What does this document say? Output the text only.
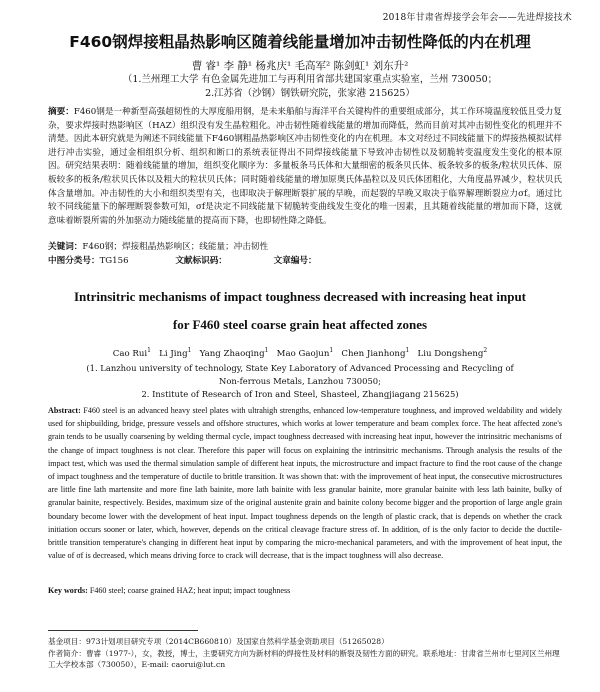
2018年甘肃省焊接学会年会——先进焊接技术
F460钢焊接粗晶热影响区随着线能量增加冲击韧性降低的内在机理
曹 睿¹ 李 静¹ 杨兆庆¹ 毛高军² 陈剑虹¹ 刘东升²
（1.兰州理工大学 有色金属先进加工与再利用省部共建国家重点实验室，兰州 730050；
2.江苏省（沙钢）钢铁研究院，张家港 215625）
摘要：F460钢是一种新型高强超韧性的大厚度船用钢，是未来船舶与海洋平台关键构件的重要组成部分，其工作环境温度较低且受力复杂，要求焊接时热影响区（HAZ）组织没有发生晶粒粗化。冲击韧性随着线能量的增加而降低，然而目前对其冲击韧性变化的机理并不清楚。因此本研究就是为阐述不同线能量下F460钢粗晶热影响区冲击韧性变化的内在机理。本文对经过不同线能量下的焊接热模拟试样进行冲击实验，通过金相组织分析、组织和断口的系统表征得出不同焊接线能量下导致冲击韧性以及韧脆转变温度发生变化的根本原因。研究结果表明：随着线能量的增加，组织变化顺序为：多量板条马氏体和大量细密的板条贝氏体、板条较多的板条/粒状贝氏体、原板较多的板条/粒状贝氏体以及粗大的粒状贝氏体；同时随着线能量的增加原奥氏体晶粒以及贝氏体团粗化，大角度晶界减少，粒状贝氏体含量增加。冲击韧性的大小和组织类型有关，也即取决于解理断裂扩展的早晚，而起裂的早晚又取决于临界解理断裂应力σf。通过比较不同线能量下的解理断裂参数可知，σf是决定不同线能量下韧脆转变曲线发生变化的唯一因素，且其随着线能量的增加而下降，这就意味着断裂所需的外加驱动力随线能量的提高而下降，也即韧性降之降低。
关键词：F460钢；焊接粗晶热影响区；线能量；冲击韧性
中图分类号：TG156	文献标识码：	文章编号：
Intrinsitric mechanisms of impact toughness decreased with increasing heat input
for F460 steel coarse grain heat affected zones
Cao Rui$^1$ Li Jing$^1$ Yang Zhaoqing$^1$ Mao Gaojun$^1$ Chen Jianhong$^1$ Liu Dongsheng$^2$
(1. Lanzhou university of technology, State Key Laboratory of Advanced Processing and Recycling of Non-ferrous Metals, Lanzhou 730050;
2. Institute of Research of Iron and Steel, Shasteel, Zhangjiagang 215625)
Abstract: F460 steel is an advanced heavy steel plates with ultrahigh strengths, enhanced low-temperature toughness, and improved weldability and widely used for shipbuilding, bridge, pressure vessels and offshore structures, which works at lower temperature and beam complex force. The heat affected zone's grain tends to be usually coarsening by welding thermal cycle, impact toughness decreased with increasing heat input, however the intrinsitric mechanisms of the change of impact toughness is not clear. Therefore this paper will focus on explaining the intrinsitric mechanisms. Through analysis the results of the impact test, which was used the thermal simulation sample of different heat inputs, the microstructure and impact fracture to find the root cause of the change of impact toughness and the temperature of ductile to brittle transition. It was shown that: with the improvement of heat input, the consecutive microstructures are little fine lath martensite and more fine lath bainite, more lath bainite with less granular bainite, more granular bainite with less lath bainite, bulky of granular bainite, respectively. Besides, maximum size of the original austenite grain and bainite colony become bigger and the proportion of large angle grain boundary become lower with the development of heat input. Impact toughness depends on the length of plastic crack, that is depends on whether the crack initiation occurs sooner or later, which, however, depends on the critical cleavage fracture stress σf. In addition, σf is the only factor to decide the ductile-brittle transition temperature's changing in different heat input by comparing the micro-mechanical parameters, and with the improvement of heat input, the value of σf is decreased, which means driving force to crack will decrease, that is the impact toughness will also decrease.
Key words: F460 steel; coarse grained HAZ; heat input; impact toughness
基金项目：973计划项目研究专项（2014CB660810）及国家自然科学基金资助项目（51265028）
作者简介：曹睿（1977-），女，教授，博士，主要研究方向为新材料的焊接性及材料的断裂及韧性方面的研究。联系地址：甘肃省兰州市七里河区兰州理工大学校本部（730050），E-mail: caorui@lut.cn
